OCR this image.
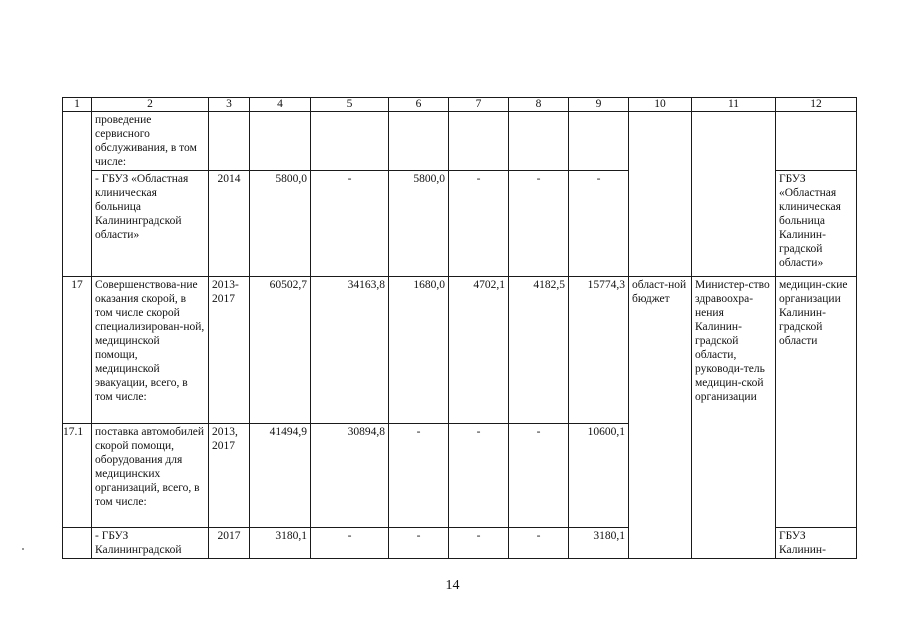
1	2	3	4	5	6	7	8	9	10	11	12
	проведение сервисного обслуживания, в том числе:										
	- ГБУЗ «Областная клиническая больница Калининградской области»	2014	5800,0	-	5800,0	-	-	-			ГБУЗ «Областная клиническая больница Калинин-градской области»
17	Совершенствова-ние оказания скорой, в том числе скорой специализирован-ной, медицинской помощи, медицинской эвакуации, всего, в том числе:	2013-2017	60502,7	34163,8	1680,0	4702,1	4182,5	15774,3	област-ной бюджет	Министер-ство здравоохра-нения Калинин-градской области, руководи-тель медицин-ской организации	медицин-ские организации Калинин-градской области
17.1	поставка автомобилей скорой помощи, оборудования для медицинских организаций, всего, в том числе:	2013, 2017	41494,9	30894,8	-	-	-	10600,1			
	- ГБУЗ Калининградской	2017	3180,1	-	-	-	-	3180,1			ГБУЗ Калинин-
14
